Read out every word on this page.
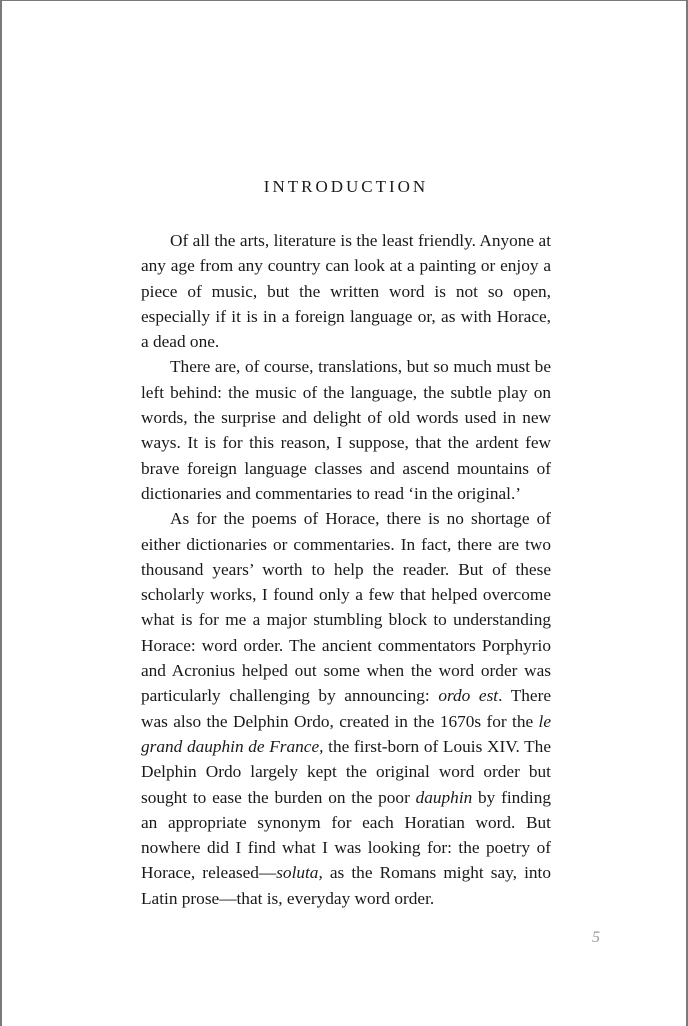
INTRODUCTION

Of all the arts, literature is the least friendly. Anyone at any age from any country can look at a painting or enjoy a piece of music, but the written word is not so open, especially if it is in a foreign language or, as with Horace, a dead one.

There are, of course, translations, but so much must be left behind: the music of the language, the subtle play on words, the surprise and delight of old words used in new ways. It is for this reason, I suppose, that the ardent few brave foreign language classes and ascend mountains of dictionaries and commentaries to read ‘in the original.’

As for the poems of Horace, there is no shortage of either dictionaries or commentaries. In fact, there are two thousand years’ worth to help the reader. But of these scholarly works, I found only a few that helped overcome what is for me a major stumbling block to understanding Horace: word order. The ancient commentators Porphyrio and Acronius helped out some when the word order was particularly challenging by announcing: ordo est. There was also the Delphin Ordo, created in the 1670s for the le grand dauphin de France, the first-born of Louis XIV. The Delphin Ordo largely kept the original word order but sought to ease the burden on the poor dauphin by finding an appropriate synonym for each Horatian word. But nowhere did I find what I was looking for: the poetry of Horace, released—soluta, as the Romans might say, into Latin prose—that is, everyday word order.

5
